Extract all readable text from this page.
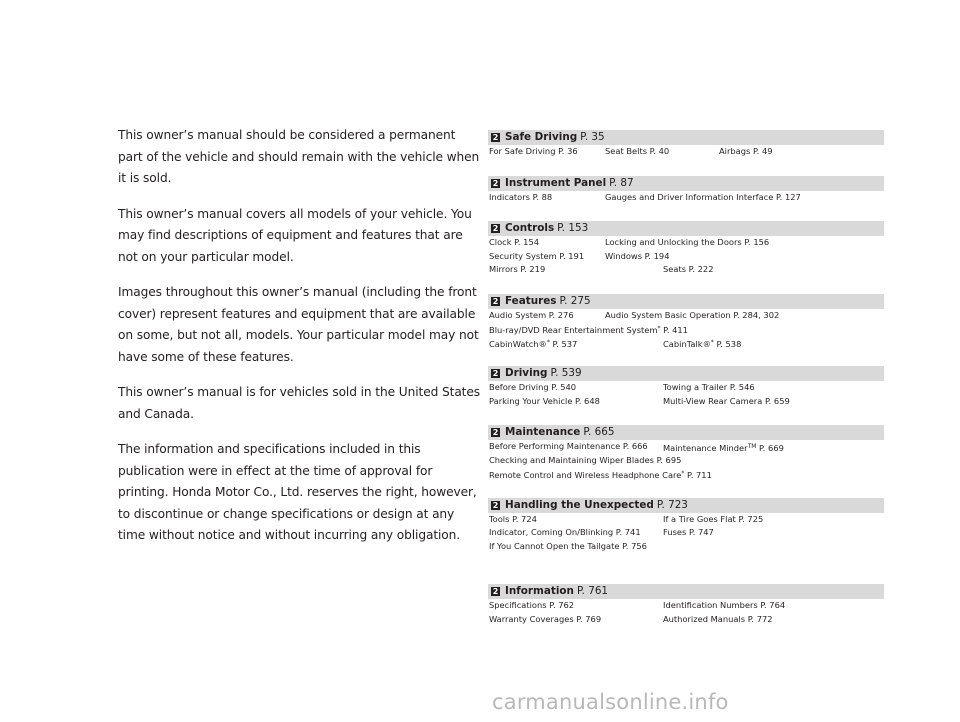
This owner’s manual should be considered a permanent part of the vehicle and should remain with the vehicle when it is sold.

This owner’s manual covers all models of your vehicle. You may find descriptions of equipment and features that are not on your particular model.

Images throughout this owner’s manual (including the front cover) represent features and equipment that are available on some, but not all, models. Your particular model may not have some of these features.

This owner’s manual is for vehicles sold in the United States and Canada.

The information and specifications included in this publication were in effect at the time of approval for printing. Honda Motor Co., Ltd. reserves the right, however, to discontinue or change specifications or design at any time without notice and without incurring any obligation.

2 Safe Driving P. 35
For Safe Driving P. 36	Seat Belts P. 40	Airbags P. 49
2 Instrument Panel P. 87
Indicators P. 88	Gauges and Driver Information Interface P. 127
2 Controls P. 153
Clock P. 154	Locking and Unlocking the Doors P. 156
Security System P. 191	Windows P. 194
Mirrors P. 219	Seats P. 222
2 Features P. 275
Audio System P. 276	Audio System Basic Operation P. 284, 302
Blu-ray/DVD Rear Entertainment System* P. 411
CabinWatch®* P. 537	CabinTalk®* P. 538
2 Driving P. 539
Before Driving P. 540	Towing a Trailer P. 546
Parking Your Vehicle P. 648	Multi-View Rear Camera P. 659
2 Maintenance P. 665
Before Performing Maintenance P. 666 Maintenance Minder™ P. 669
Checking and Maintaining Wiper Blades P. 695
Remote Control and Wireless Headphone Care* P. 711
2 Handling the Unexpected P. 723
Tools P. 724	If a Tire Goes Flat P. 725
Indicator, Coming On/Blinking P. 741	Fuses P. 747
If You Cannot Open the Tailgate P. 756
2 Information P. 761
Specifications P. 762	Identification Numbers P. 764
Warranty Coverages P. 769	Authorized Manuals P. 772
carmanualsonline.info
